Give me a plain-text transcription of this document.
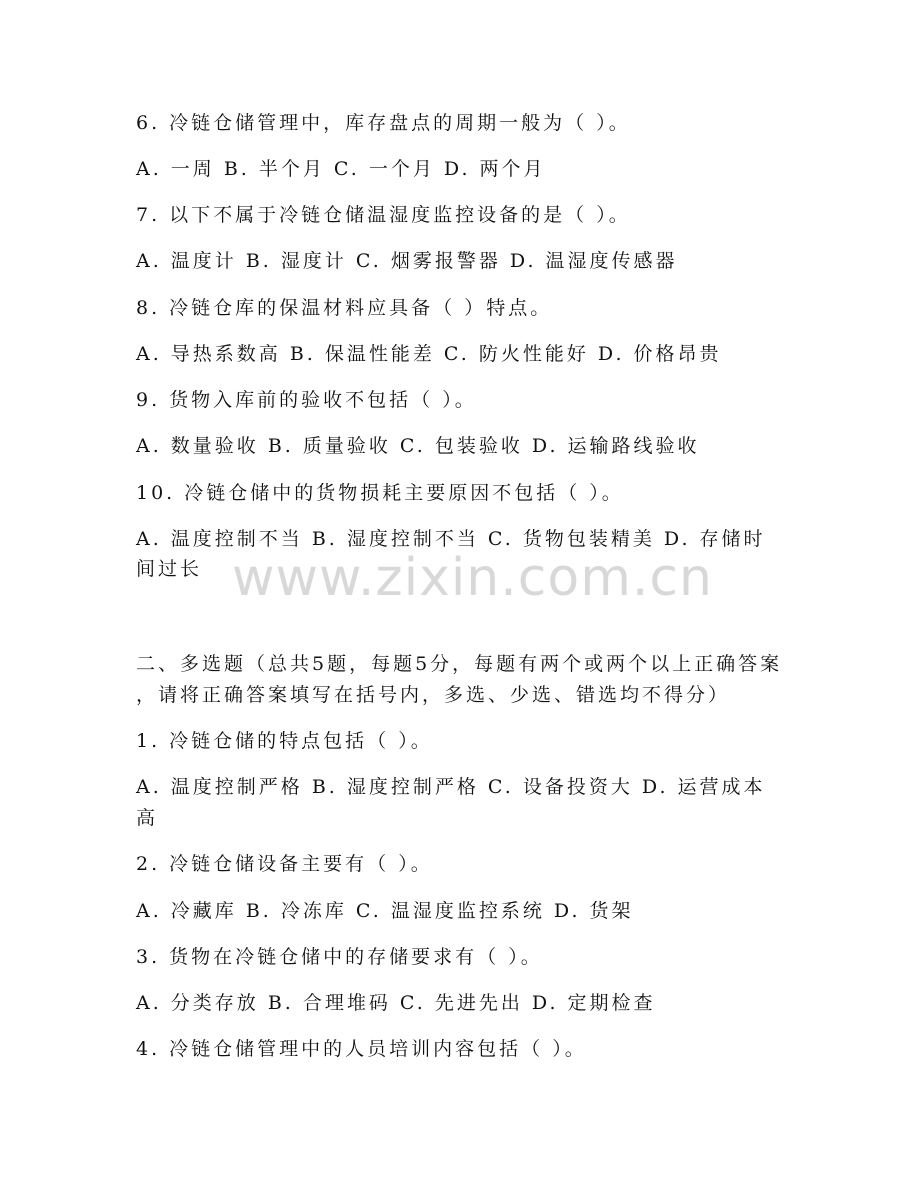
6. 冷链仓储管理中，库存盘点的周期一般为（ ）。
A. 一周 B. 半个月 C. 一个月 D. 两个月
7. 以下不属于冷链仓储温湿度监控设备的是（ ）。
A. 温度计 B. 湿度计 C. 烟雾报警器 D. 温湿度传感器
8. 冷链仓库的保温材料应具备（ ）特点。
A. 导热系数高 B. 保温性能差 C. 防火性能好 D. 价格昂贵
9. 货物入库前的验收不包括（ ）。
A. 数量验收 B. 质量验收 C. 包装验收 D. 运输路线验收
10. 冷链仓储中的货物损耗主要原因不包括（ ）。
A. 温度控制不当 B. 湿度控制不当 C. 货物包装精美 D. 存储时
间过长
二、多选题（总共5题，每题5分，每题有两个或两个以上正确答案
，请将正确答案填写在括号内，多选、少选、错选均不得分）
1. 冷链仓储的特点包括（ ）。
A. 温度控制严格 B. 湿度控制严格 C. 设备投资大 D. 运营成本
高
2. 冷链仓储设备主要有（ ）。
A. 冷藏库 B. 冷冻库 C. 温湿度监控系统 D. 货架
3. 货物在冷链仓储中的存储要求有（ ）。
A. 分类存放 B. 合理堆码 C. 先进先出 D. 定期检查
4. 冷链仓储管理中的人员培训内容包括（ ）。
www.zixin.com.cn
